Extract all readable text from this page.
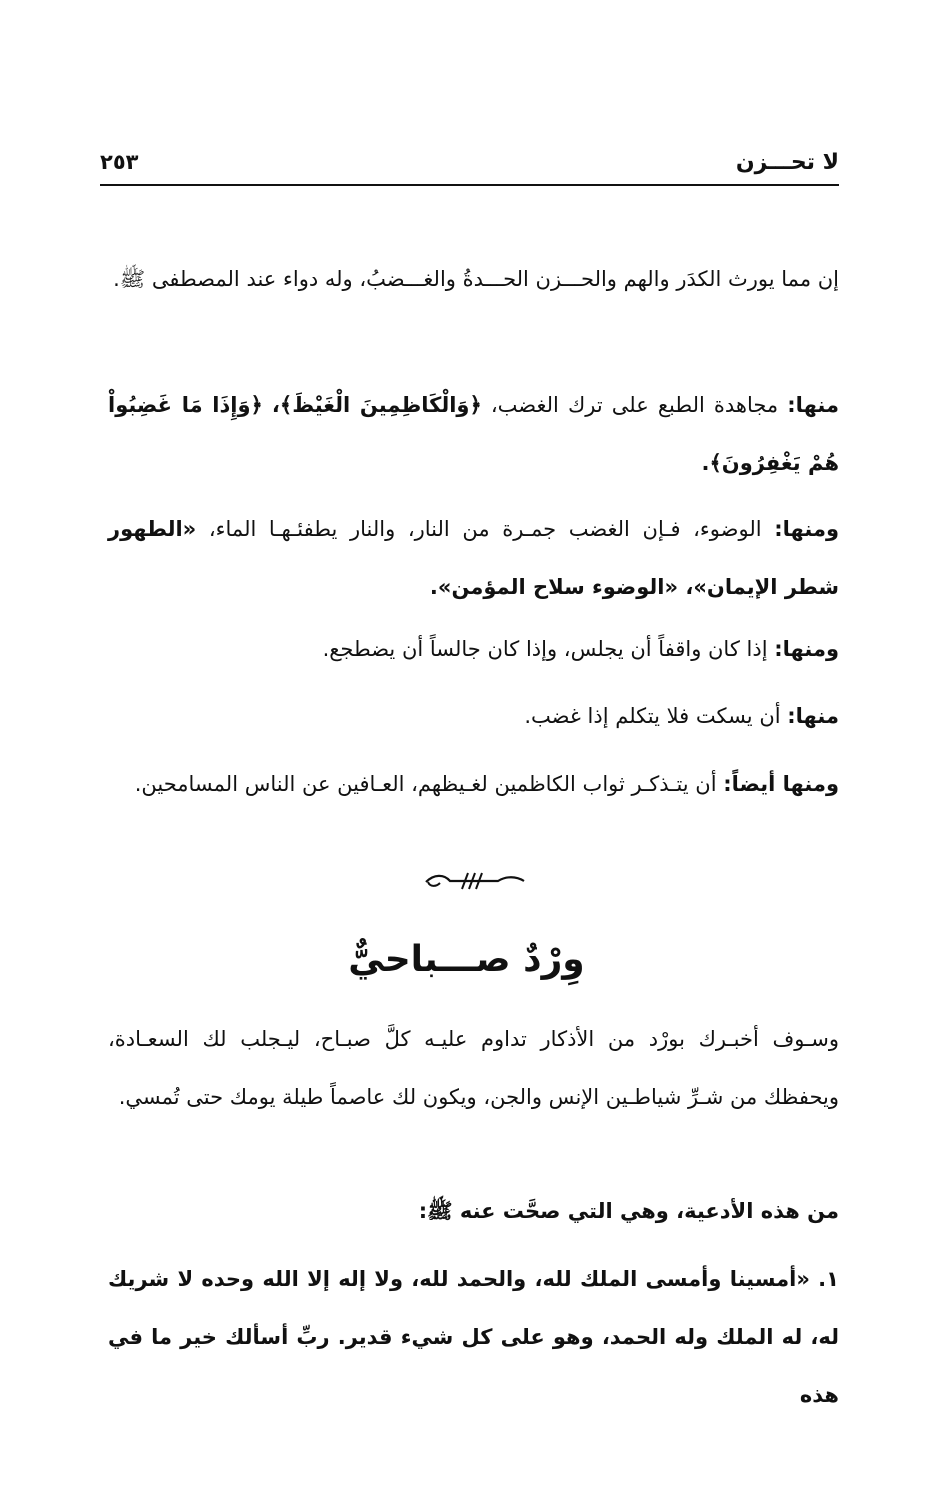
لا تحـــزن
٢٥٣

إن مما يورث الكدَر والهم والحـــزن الحـــدةُ والغـــضبُ، وله دواء عند المصطفى ﷺ.

منها: مجاهدة الطبع على ترك الغضب، ﴿وَالْكَاظِمِينَ الْغَيْظَ﴾، ﴿وَإِذَا مَا غَضِبُواْ هُمْ يَغْفِرُونَ﴾.

ومنها: الوضوء، فـإن الغضب جمـرة من النار، والنار يطفئـهـا الماء، «الطهور شطر الإيمان»، «الوضوء سلاح المؤمن».

ومنها: إذا كان واقفاً أن يجلس، وإذا كان جالساً أن يضطجع.

منها: أن يسكت فلا يتكلم إذا غضب.

ومنها أيضاً: أن يتـذكـر ثواب الكاظمين لغـيظهم، العـافين عن الناس المسامحين.

وِرْدٌ صـــباحيٌّ

وسـوف أخبـرك بورْد من الأذكار تداوم عليـه كلَّ صبـاح، ليـجلب لك السعـادة، ويحفظك من شـرِّ شياطـين الإنس والجن، ويكون لك عاصماً طيلة يومك حتى تُمسي.

من هذه الأدعية، وهي التي صحَّت عنه ﷺ:

١. «أمسينا وأمسى الملك لله، والحمد لله، ولا إله إلا الله وحده لا شريك له، له الملك وله الحمد، وهو على كل شيء قدير. ربِّ أسألك خير ما في هذه
